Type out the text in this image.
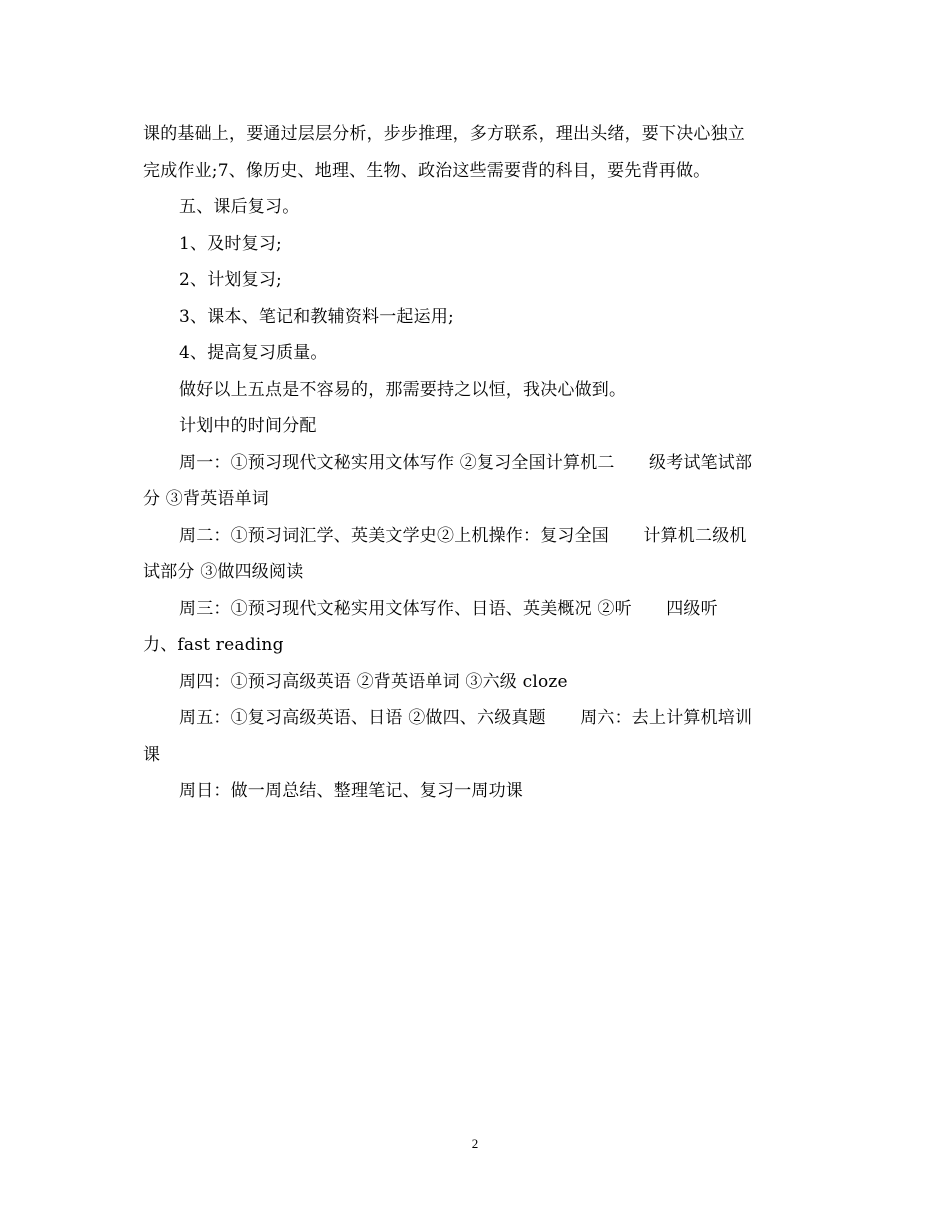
课的基础上，要通过层层分析，步步推理，多方联系，理出头绪，要下决心独立
完成作业;7、像历史、地理、生物、政治这些需要背的科目，要先背再做。
五、课后复习。
1、及时复习;
2、计划复习;
3、课本、笔记和教辅资料一起运用;
4、提高复习质量。
做好以上五点是不容易的，那需要持之以恒，我决心做到。
计划中的时间分配
周一：①预习现代文秘实用文体写作 ②复习全国计算机二　　级考试笔试部
分 ③背英语单词
周二：①预习词汇学、英美文学史②上机操作：复习全国　　计算机二级机
试部分 ③做四级阅读
周三：①预习现代文秘实用文体写作、日语、英美概况 ②听　　四级听
力、fast reading
周四：①预习高级英语 ②背英语单词 ③六级 cloze
周五：①复习高级英语、日语 ②做四、六级真题　　周六：去上计算机培训
课
周日：做一周总结、整理笔记、复习一周功课
2
